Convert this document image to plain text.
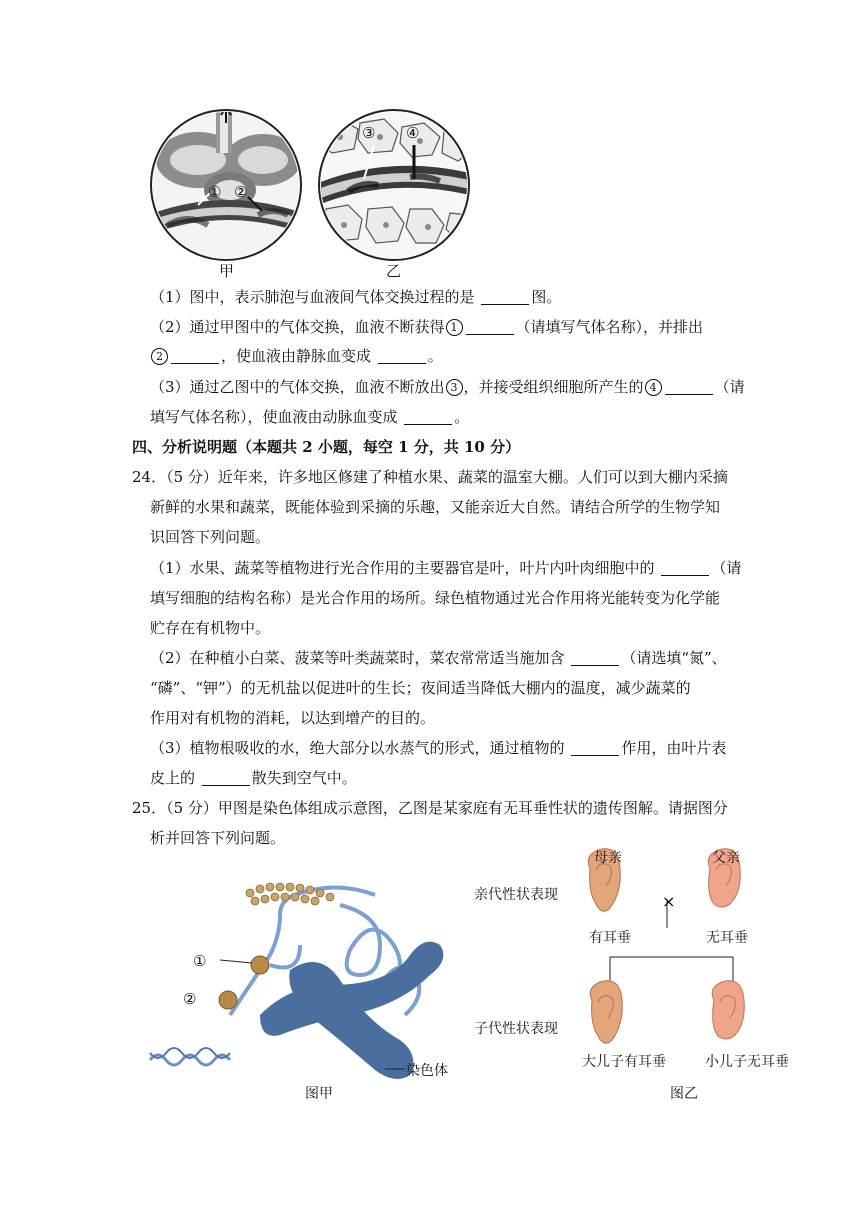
① ②
③ ④
甲	乙
（1）图中，表示肺泡与血液间气体交换过程的是	图。
（2）通过甲图中的气体交换，血液不断获得 1	（请填写气体名称），并排出
2	，使血液由静脉血变成	。
（3）通过乙图中的气体交换，血液不断放出 3 ，并接受组织细胞所产生的 4	（请
填写气体名称），使血液由动脉血变成	。
四、分析说明题（本题共 2 小题，每空 1 分，共 10 分）
24．（5 分）近年来，许多地区修建了种植水果、蔬菜的温室大棚。人们可以到大棚内采摘
新鲜的水果和蔬菜，既能体验到采摘的乐趣，又能亲近大自然。请结合所学的生物学知
识回答下列问题。
（1）水果、蔬菜等植物进行光合作用的主要器官是叶，叶片内叶肉细胞中的	（请
填写细胞的结构名称）是光合作用的场所。绿色植物通过光合作用将光能转变为化学能
贮存在有机物中。
（2）在种植小白菜、菠菜等叶类蔬菜时，菜农常常适当施加含	（请选填“氮”、
“磷”、“钾”）的无机盐以促进叶的生长；夜间适当降低大棚内的温度，减少蔬菜的
作用对有机物的消耗，以达到增产的目的。
（3）植物根吸收的水，绝大部分以水蒸气的形式，通过植物的	作用，由叶片表
皮上的	散失到空气中。
25．（5 分）甲图是染色体组成示意图，乙图是某家庭有无耳垂性状的遗传图解。请据图分
析并回答下列问题。
①
②
染色体
图甲
母亲	父亲
亲代性状表现	×
有耳垂	无耳垂
子代性状表现
大儿子有耳垂	小儿子无耳垂
图乙
